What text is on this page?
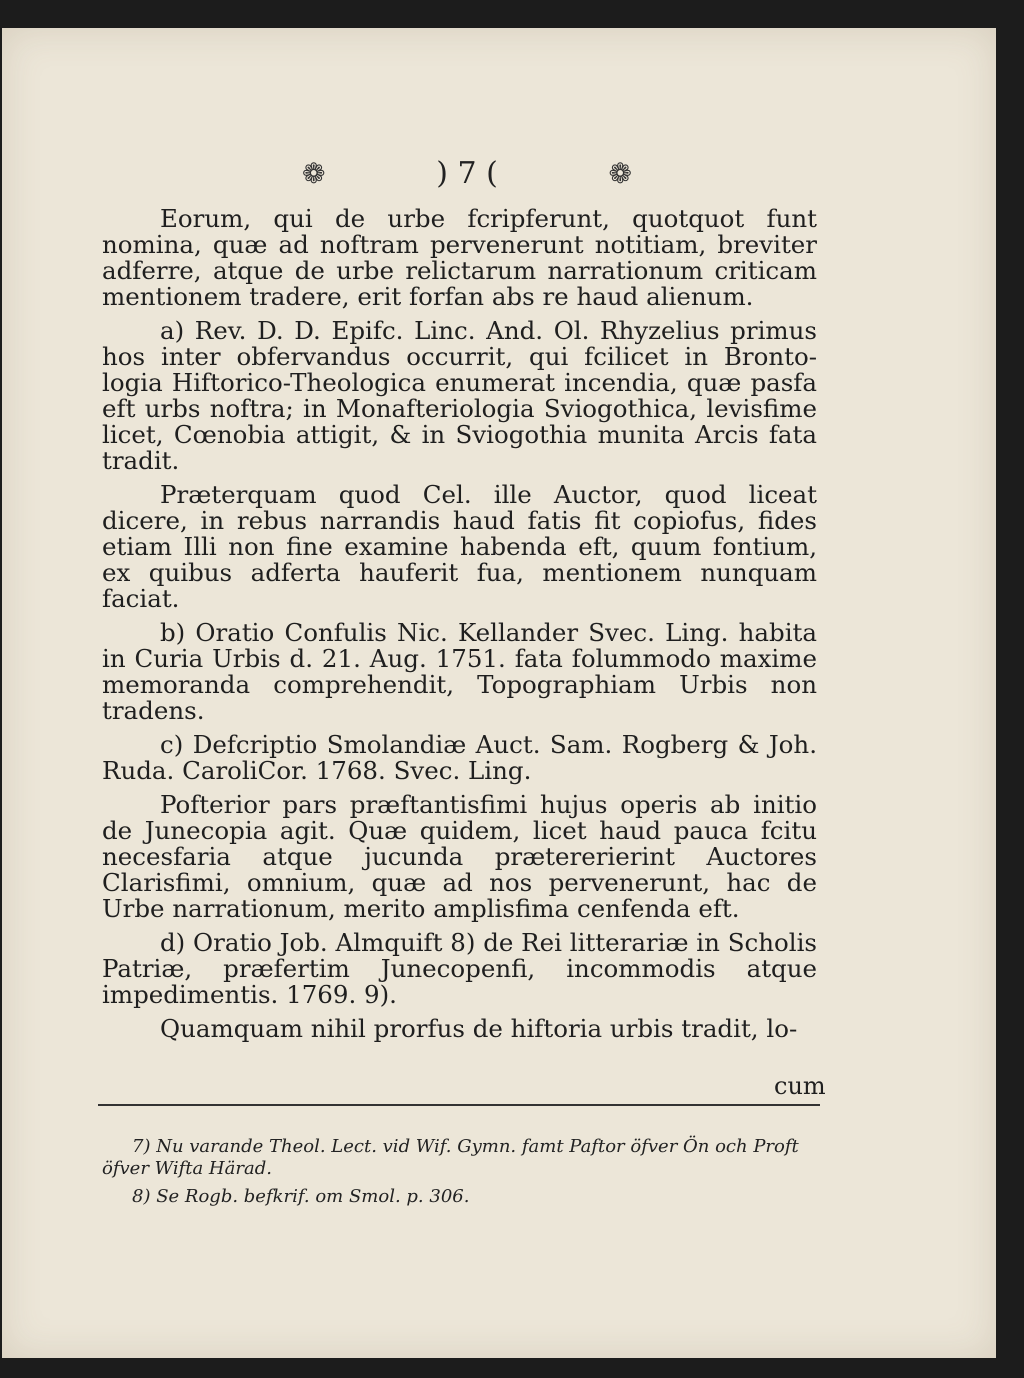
❁	) 7 (	❁

Eorum, qui de urbe fcripferunt, quotquot funt nomina, quæ ad noftram pervenerunt notitiam, breviter adferre, atque de urbe relictarum narrationum criticam mentionem tradere, erit forfan abs re haud alienum.

a) Rev. D. D. Epifc. Linc. And. Ol. Rhyzelius primus hos inter obfervandus occurrit, qui fcilicet in Bronto-logia Hiftorico-Theologica enumerat incendia, quæ pasfa eft urbs noftra; in Monafteriologia Sviogothica, levisfime licet, Cœnobia attigit, & in Sviogothia munita Arcis fata tradit.

Præterquam quod Cel. ille Auctor, quod liceat dicere, in rebus narrandis haud fatis fit copiofus, fides etiam Illi non fine examine habenda eft, quum fontium, ex quibus adferta hauferit fua, mentionem nunquam faciat.

b) Oratio Confulis Nic. Kellander Svec. Ling. habita in Curia Urbis d. 21. Aug. 1751. fata folummodo maxime memoranda comprehendit, Topographiam Urbis non tradens.

c) Defcriptio Smolandiæ Auct. Sam. Rogberg & Joh. Ruda. CaroliCor. 1768. Svec. Ling.

Pofterior pars præftantisfimi hujus operis ab initio de Junecopia agit. Quæ quidem, licet haud pauca fcitu necesfaria atque jucunda prætererierint Auctores Clarisfimi, omnium, quæ ad nos pervenerunt, hac de Urbe narrationum, merito amplisfima cenfenda eft.

d) Oratio Job. Almquift 8) de Rei litterariæ in Scholis Patriæ, præfertim Junecopenfi, incommodis atque impedimentis. 1769. 9).

Quamquam nihil prorfus de hiftoria urbis tradit, lo-

cum

7) Nu varande Theol. Lect. vid Wif. Gymn. famt Paftor öfver Ön och Proft öfver Wifta Härad.

8) Se Rogb. befkrif. om Smol. p. 306.
